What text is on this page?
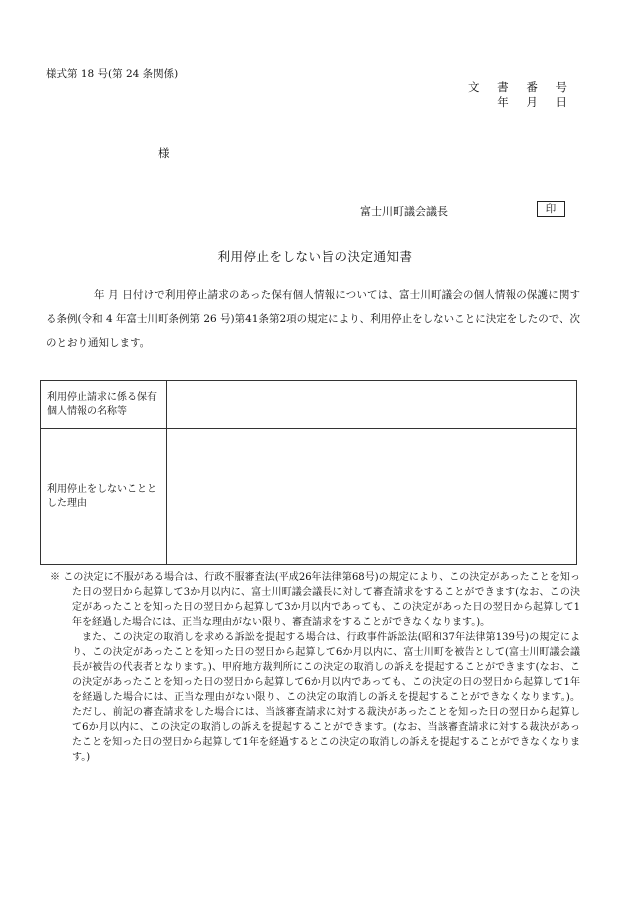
様式第 18 号(第 24 条関係)
文 書 番 号
年 月 日
様
富士川町議会議長	印
利用停止をしない旨の決定通知書
年 月 日付けで利用停止請求のあった保有個人情報については、富士川町議会の個人情報の保護に関する条例(令和 4 年富士川町条例第 26 号)第41条第2項の規定により、利用停止をしないことに決定をしたので、次のとおり通知します。
利用停止請求に係る保有個人情報の名称等	
利用停止をしないこととした理由	

※ この決定に不服がある場合は、行政不服審査法(平成26年法律第68号)の規定により、この決定があったことを知った日の翌日から起算して3か月以内に、富士川町議会議長に対して審査請求をすることができます(なお、この決定があったことを知った日の翌日から起算して3か月以内であっても、この決定があった日の翌日から起算して1年を経過した場合には、正当な理由がない限り、審査請求をすることができなくなります。)。

また、この決定の取消しを求める訴訟を提起する場合は、行政事件訴訟法(昭和37年法律第139号)の規定により、この決定があったことを知った日の翌日から起算して6か月以内に、富士川町を被告として(富士川町議会議長が被告の代表者となります。)、甲府地方裁判所にこの決定の取消しの訴えを提起することができます(なお、この決定があったことを知った日の翌日から起算して6か月以内であっても、この決定の日の翌日から起算して1年を経過した場合には、正当な理由がない限り、この決定の取消しの訴えを提起することができなくなります。)。ただし、前記の審査請求をした場合には、当該審査請求に対する裁決があったことを知った日の翌日から起算して6か月以内に、この決定の取消しの訴えを提起することができます。(なお、当該審査請求に対する裁決があったことを知った日の翌日から起算して1年を経過するとこの決定の取消しの訴えを提起することができなくなります。)
